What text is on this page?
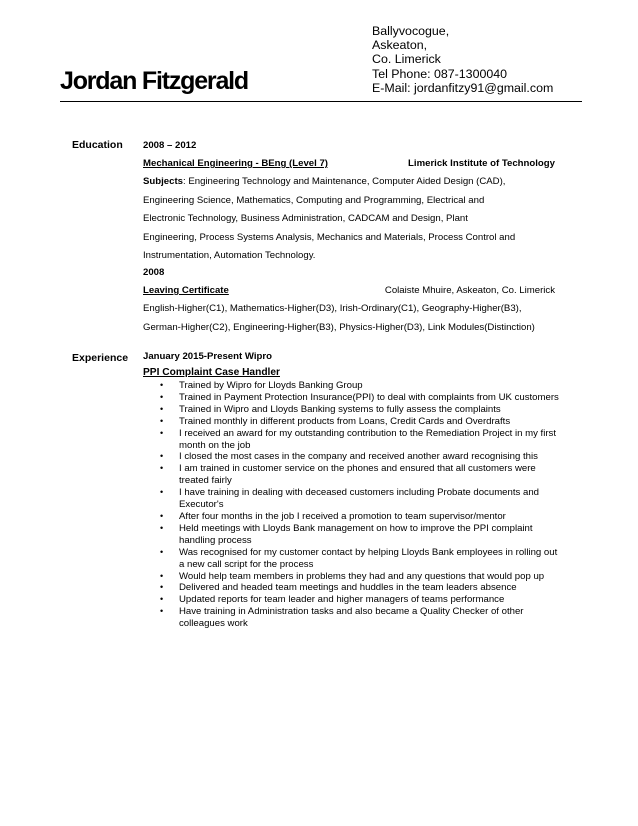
Ballyvocogue,
Askeaton,
Co. Limerick
Tel Phone: 087-1300040
E-Mail: jordanfitzy91@gmail.com
Jordan Fitzgerald
Education 2008 – 2012
Mechanical Engineering - BEng (Level 7)	Limerick Institute of Technology
Subjects: Engineering Technology and Maintenance, Computer Aided Design (CAD),
Engineering Science, Mathematics, Computing and Programming, Electrical and
Electronic Technology, Business Administration, CADCAM and Design, Plant
Engineering, Process Systems Analysis, Mechanics and Materials, Process Control and
Instrumentation, Automation Technology.
2008
Leaving Certificate	Colaiste Mhuire, Askeaton, Co. Limerick
English-Higher(C1), Mathematics-Higher(D3), Irish-Ordinary(C1), Geography-Higher(B3),
German-Higher(C2), Engineering-Higher(B3), Physics-Higher(D3), Link Modules(Distinction)
Experience January 2015-Present Wipro
PPI Complaint Case Handler
• Trained by Wipro for Lloyds Banking Group
• Trained in Payment Protection Insurance(PPI) to deal with complaints from UK customers
• Trained in Wipro and Lloyds Banking systems to fully assess the complaints
• Trained monthly in different products from Loans, Credit Cards and Overdrafts
• I received an award for my outstanding contribution to the Remediation Project in my first month on the job
• I closed the most cases in the company and received another award recognising this
• I am trained in customer service on the phones and ensured that all customers were treated fairly
• I have training in dealing with deceased customers including Probate documents and Executor's
• After four months in the job I received a promotion to team supervisor/mentor
• Held meetings with Lloyds Bank management on how to improve the PPI complaint handling process
• Was recognised for my customer contact by helping Lloyds Bank employees in rolling out a new call script for the process
• Would help team members in problems they had and any questions that would pop up
• Delivered and headed team meetings and huddles in the team leaders absence
• Updated reports for team leader and higher managers of teams performance
• Have training in Administration tasks and also became a Quality Checker of other colleagues work
